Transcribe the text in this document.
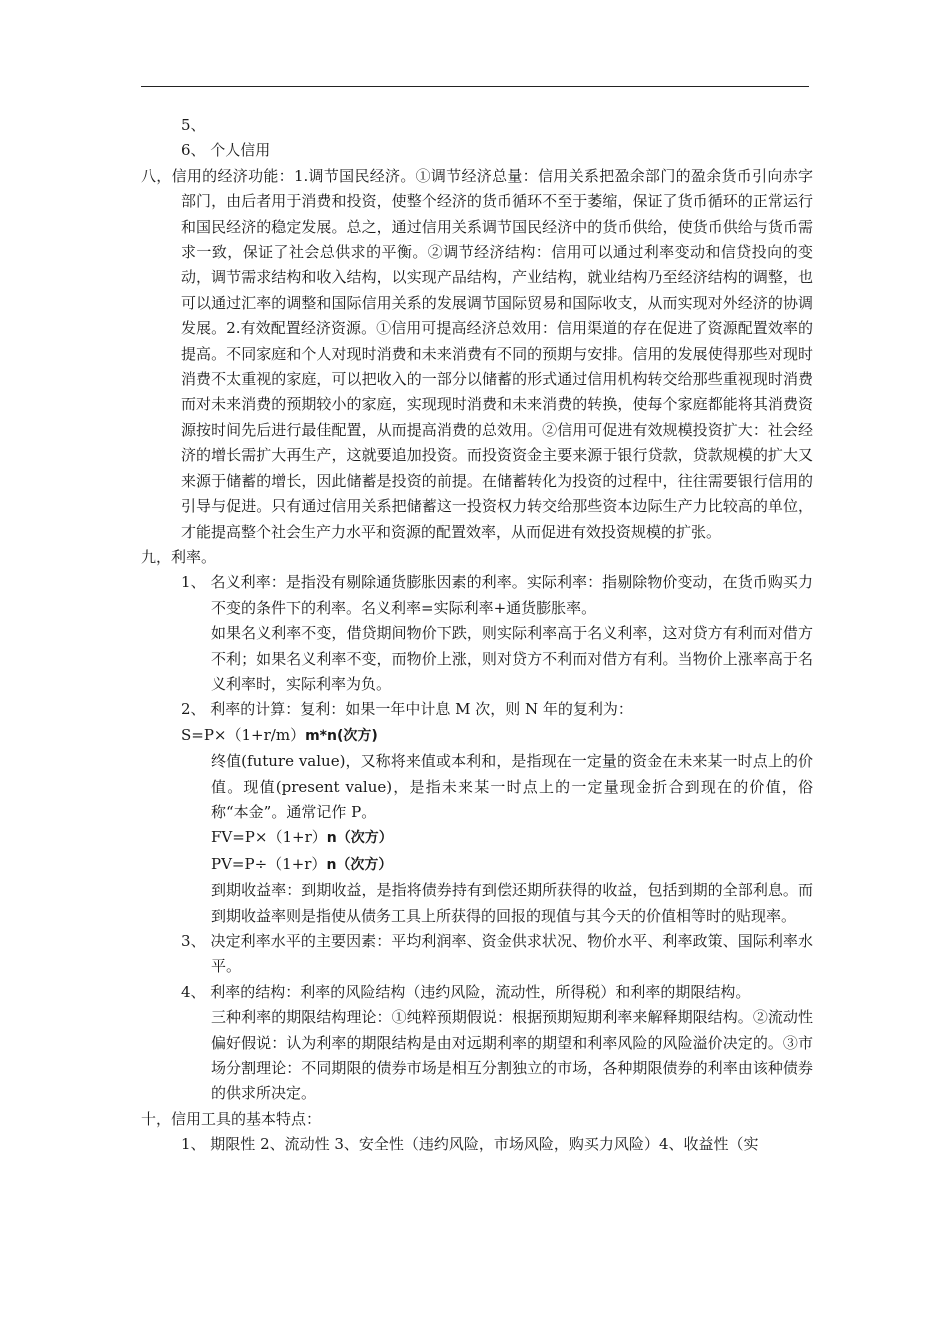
5、

6、 个人信用

八，信用的经济功能：1.调节国民经济。①调节经济总量：信用关系把盈余部门的盈余货币引向赤字部门，由后者用于消费和投资，使整个经济的货币循环不至于萎缩，保证了货币循环的正常运行和国民经济的稳定发展。总之，通过信用关系调节国民经济中的货币供给，使货币供给与货币需求一致，保证了社会总供求的平衡。②调节经济结构：信用可以通过利率变动和信贷投向的变动，调节需求结构和收入结构，以实现产品结构，产业结构，就业结构乃至经济结构的调整，也可以通过汇率的调整和国际信用关系的发展调节国际贸易和国际收支，从而实现对外经济的协调发展。2.有效配置经济资源。①信用可提高经济总效用：信用渠道的存在促进了资源配置效率的提高。不同家庭和个人对现时消费和未来消费有不同的预期与安排。信用的发展使得那些对现时消费不太重视的家庭，可以把收入的一部分以储蓄的形式通过信用机构转交给那些重视现时消费而对未来消费的预期较小的家庭，实现现时消费和未来消费的转换，使每个家庭都能将其消费资源按时间先后进行最佳配置，从而提高消费的总效用。②信用可促进有效规模投资扩大：社会经济的增长需扩大再生产，这就要追加投资。而投资资金主要来源于银行贷款，贷款规模的扩大又来源于储蓄的增长，因此储蓄是投资的前提。在储蓄转化为投资的过程中，往往需要银行信用的引导与促进。只有通过信用关系把储蓄这一投资权力转交给那些资本边际生产力比较高的单位，才能提高整个社会生产力水平和资源的配置效率，从而促进有效投资规模的扩张。

九，利率。

1、 名义利率：是指没有剔除通货膨胀因素的利率。实际利率：指剔除物价变动，在货币购买力不变的条件下的利率。名义利率=实际利率+通货膨胀率。

如果名义利率不变，借贷期间物价下跌，则实际利率高于名义利率，这对贷方有利而对借方不利；如果名义利率不变，而物价上涨，则对贷方不利而对借方有利。当物价上涨率高于名义利率时，实际利率为负。

2、 利率的计算：复利：如果一年中计息 M 次，则 N 年的复利为：

S=P×（1+r/m）m*n(次方)

终值(future value)，又称将来值或本利和，是指现在一定量的资金在未来某一时点上的价值。现值(present value)，是指未来某一时点上的一定量现金折合到现在的价值，俗称“本金”。通常记作 P。

FV=P×（1+r）n（次方）

PV=P÷（1+r）n（次方）

到期收益率：到期收益，是指将债券持有到偿还期所获得的收益，包括到期的全部利息。而到期收益率则是指使从债务工具上所获得的回报的现值与其今天的价值相等时的贴现率。

3、 决定利率水平的主要因素：平均利润率、资金供求状况、物价水平、利率政策、国际利率水平。

4、 利率的结构：利率的风险结构（违约风险，流动性，所得税）和利率的期限结构。

三种利率的期限结构理论：①纯粹预期假说：根据预期短期利率来解释期限结构。②流动性偏好假说：认为利率的期限结构是由对远期利率的期望和利率风险的风险溢价决定的。③市场分割理论：不同期限的债券市场是相互分割独立的市场，各种期限债券的利率由该种债券的供求所决定。

十，信用工具的基本特点：

1、 期限性 2、流动性 3、安全性（违约风险，市场风险，购买力风险）4、收益性（实
